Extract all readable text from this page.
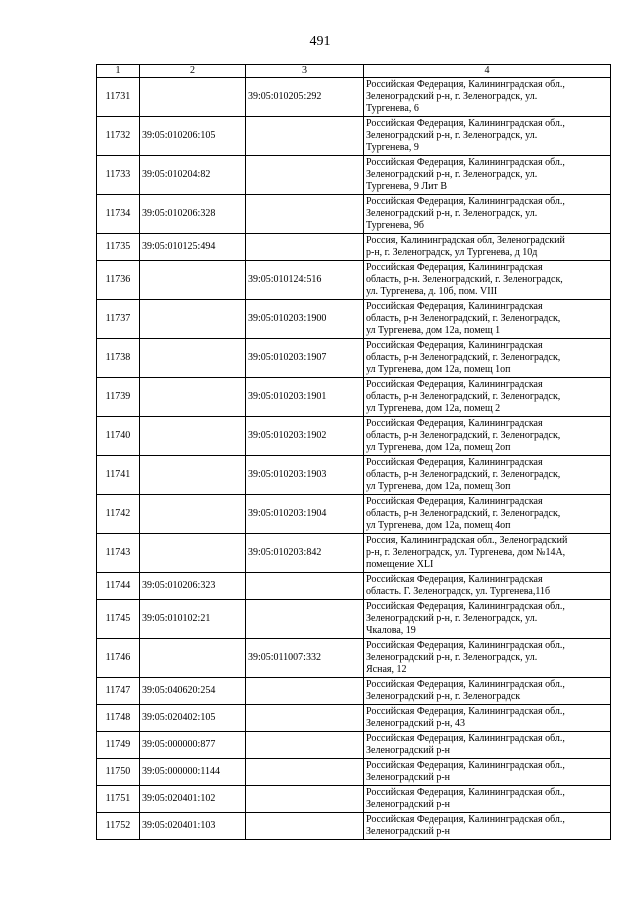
491
1	2	3	4
11731		39:05:010205:292	Российская Федерация, Калининградская обл.,
Зеленоградский р-н, г. Зеленоградск, ул.
Тургенева, 6

11732	39:05:010206:105		Российская Федерация, Калининградская обл.,
Зеленоградский р-н, г. Зеленоградск, ул.
Тургенева, 9

11733	39:05:010204:82		Российская Федерация, Калининградская обл.,
Зеленоградский р-н, г. Зеленоградск, ул.
Тургенева, 9 Лит В

11734	39:05:010206:328		Российская Федерация, Калининградская обл.,
Зеленоградский р-н, г. Зеленоградск, ул.
Тургенева, 9б

11735	39:05:010125:494		Россия, Калининградская обл, Зеленоградский
р-н, г. Зеленоградск, ул Тургенева, д 10д

11736		39:05:010124:516	Российская Федерация, Калининградская
область, р-н. Зеленоградский, г. Зеленоградск,
ул. Тургенева, д. 10б, пом. VIII

11737		39:05:010203:1900	Российская Федерация, Калининградская
область, р-н Зеленоградский, г. Зеленоградск,
ул Тургенева, дом 12а, помещ 1

11738		39:05:010203:1907	Российская Федерация, Калининградская
область, р-н Зеленоградский, г. Зеленоградск,
ул Тургенева, дом 12а, помещ 1оп

11739		39:05:010203:1901	Российская Федерация, Калининградская
область, р-н Зеленоградский, г. Зеленоградск,
ул Тургенева, дом 12а, помещ 2

11740		39:05:010203:1902	Российская Федерация, Калининградская
область, р-н Зеленоградский, г. Зеленоградск,
ул Тургенева, дом 12а, помещ 2оп

11741		39:05:010203:1903	Российская Федерация, Калининградская
область, р-н Зеленоградский, г. Зеленоградск,
ул Тургенева, дом 12а, помещ 3оп

11742		39:05:010203:1904	Российская Федерация, Калининградская
область, р-н Зеленоградский, г. Зеленоградск,
ул Тургенева, дом 12а, помещ 4оп

11743		39:05:010203:842	Россия, Калининградская обл., Зеленоградский
р-н, г. Зеленоградск, ул. Тургенева, дом №14А,
помещение XLI

11744	39:05:010206:323		Российская Федерация, Калининградская
область. Г. Зеленоградск, ул. Тургенева,11б

11745	39:05:010102:21		Российская Федерация, Калининградская обл.,
Зеленоградский р-н, г. Зеленоградск, ул.
Чкалова, 19

11746		39:05:011007:332	Российская Федерация, Калининградская обл.,
Зеленоградский р-н, г. Зеленоградск, ул.
Ясная, 12

11747	39:05:040620:254		Российская Федерация, Калининградская обл.,
Зеленоградский р-н, г. Зеленоградск

11748	39:05:020402:105		Российская Федерация, Калининградская обл.,
Зеленоградский р-н, 43

11749	39:05:000000:877		Российская Федерация, Калининградская обл.,
Зеленоградский р-н

11750	39:05:000000:1144		Российская Федерация, Калининградская обл.,
Зеленоградский р-н

11751	39:05:020401:102		Российская Федерация, Калининградская обл.,
Зеленоградский р-н

11752	39:05:020401:103		Российская Федерация, Калининградская обл.,
Зеленоградский р-н
